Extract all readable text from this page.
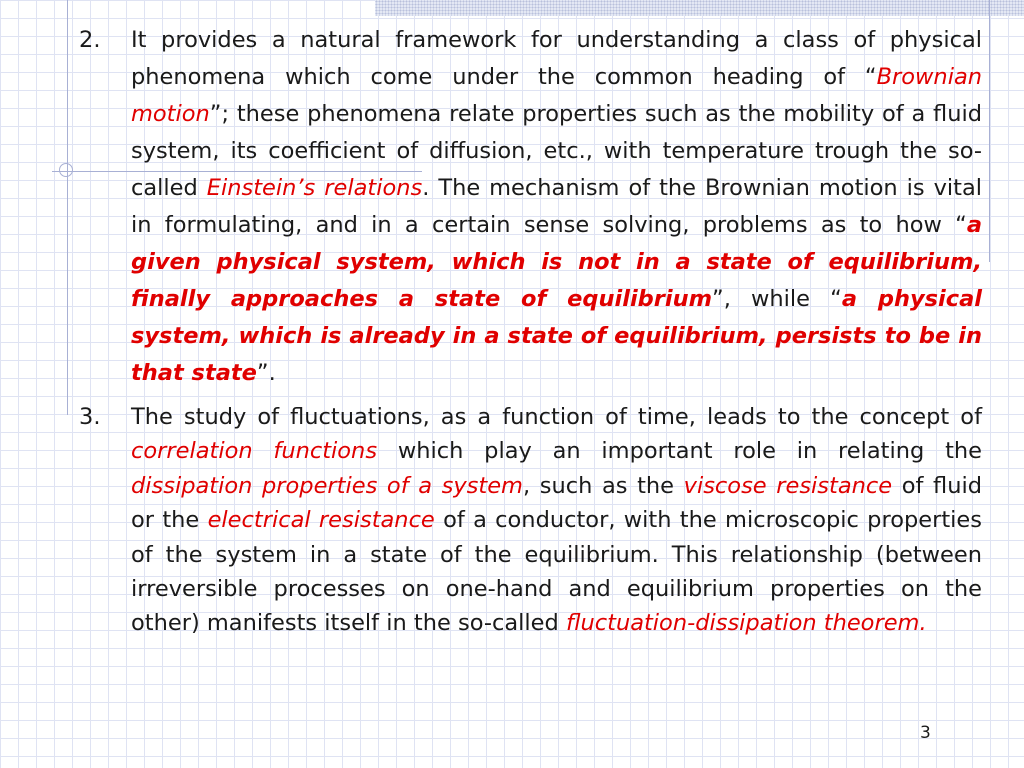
2.	It provides a natural framework for understanding a class of physical phenomena which come under the common heading of “Brownian motion”; these phenomena relate properties such as the mobility of a fluid system, its coefficient of diffusion, etc., with temperature trough the so-called Einstein’s relations. The mechanism of the Brownian motion is vital in formulating, and in a certain sense solving, problems as to how “a given physical system, which is not in a state of equilibrium, finally approaches a state of equilibrium”, while “a physical system, which is already in a state of equilibrium, persists to be in that state”.

3.	The study of fluctuations, as a function of time, leads to the concept of correlation functions which play an important role in relating the dissipation properties of a system, such as the viscose resistance of fluid or the electrical resistance of a conductor, with the microscopic properties of the system in a state of the equilibrium. This relationship (between irreversible processes on one-hand and equilibrium properties on the other) manifests itself in the so-called fluctuation-dissipation theorem.

3
